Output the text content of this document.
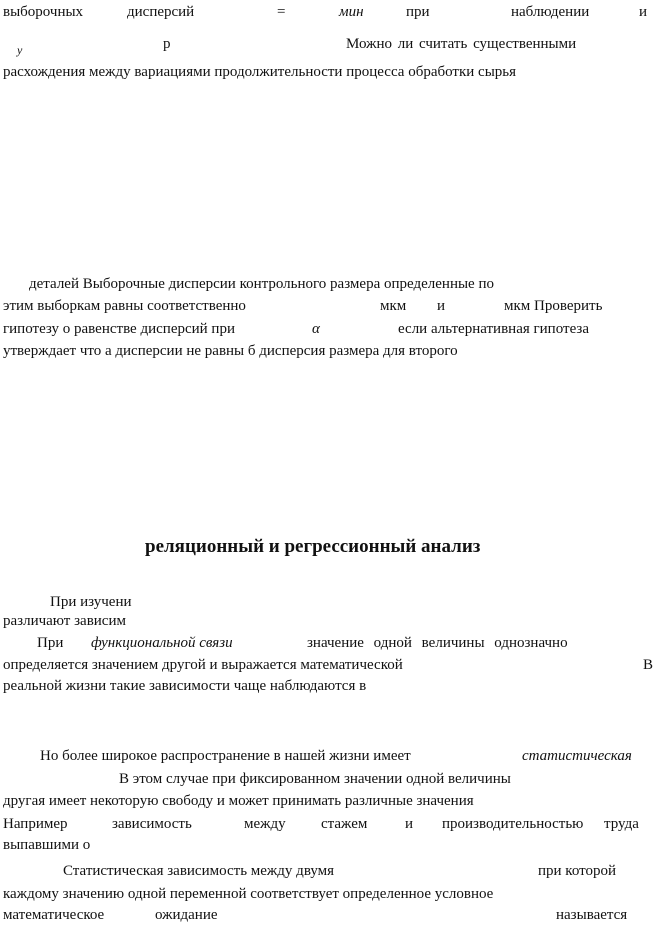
выборочных	дисперсий	=	мин	при	наблюдении	и
y	р	Можно ли считать существенными
расхождения между вариациями продолжительности процесса обработки сырья
деталей Выборочные дисперсии контрольного размера определенные по
этим выборкам равны соответственно	мкм и	мкм Проверить
гипотезу о равенстве дисперсий при	α	если альтернативная гипотеза
утверждает что а дисперсии не равны б дисперсия размера для второго
реляционный и регрессионный анализ
При изучени
различают зависим
При функциональной связи	значение одной величины однозначно
определяется значением другой и выражается математической	В
реальной жизни такие зависимости чаще наблюдаются в
Но более широкое распространение в нашей жизни имеет	статистическая
В этом случае при фиксированном значении одной величины
другая имеет некоторую свободу и может принимать различные значения
Например	зависимость	между стажем	и производительностью труда
выпавшими о
Статистическая зависимость между двумя	при которой
каждому значению одной переменной соответствует определенное условное
математическое	ожидание	называется
